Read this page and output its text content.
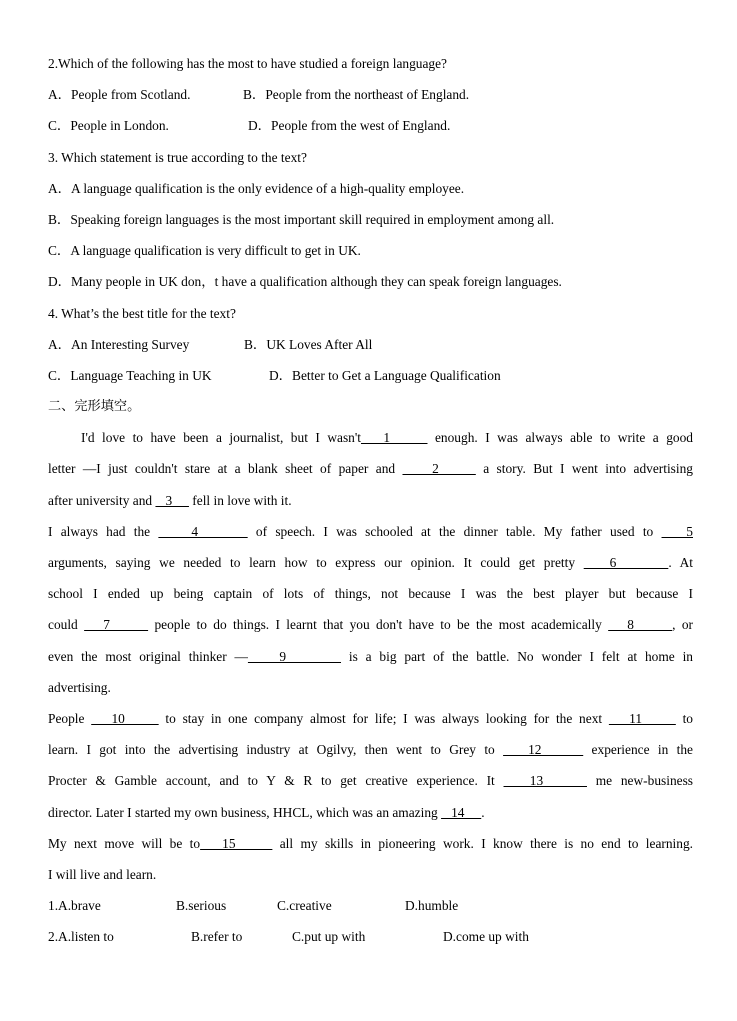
2.Which of the following has the most to have studied a foreign language?
A．People from Scotland.	B．People from the northeast of England.
C．People in London.	D．People from the west of England.
3. Which statement is true according to the text?
A．A language qualification is the only evidence of a high-quality employee.
B．Speaking foreign languages is the most important skill required in employment among all.
C．A language qualification is very difficult to get in UK.
D．Many people in UK don，t have a qualification although they can speak foreign languages.
4. What’s the best title for the text?
A．An Interesting Survey	B．UK Loves After All
C．Language Teaching in UK	D．Better to Get a Language Qualification
二、完形填空。
I'd love to have been a journalist, but I wasn't   1      enough. I was always able to write a good
letter —I just couldn't stare at a blank sheet of paper and     2      a story. But I went into advertising
after university and    3      fell in love with it.
I always had the     4       of speech. I was schooled at the dinner table. My father used to    5
arguments, saying we needed to learn how to express our opinion. It could get pretty    6      . At
school I ended up being captain of lots of things, not because I was the best player but because I
could    7       people to do things. I learnt that you don't have to be the most academically    8      , or
even the most original thinker —    9        is a big part of the battle. No wonder I felt at home in
advertising.
People    10      to stay in one company almost for life; I was always looking for the next    11      to
learn. I got into the advertising industry at Ogilvy, then went to Grey to    12      experience in the
Procter & Gamble account, and to Y & R to get creative experience. It    13      me new-business
director. Later I started my own business, HHCL, which was an amazing    14     .
My next move will be to   15      all my skills in pioneering work. I know there is no end to learning.
I will live and learn.
1.A.brave	B.serious	C.creative	D.humble
2.A.listen to	B.refer to	C.put up with	D.come up with
